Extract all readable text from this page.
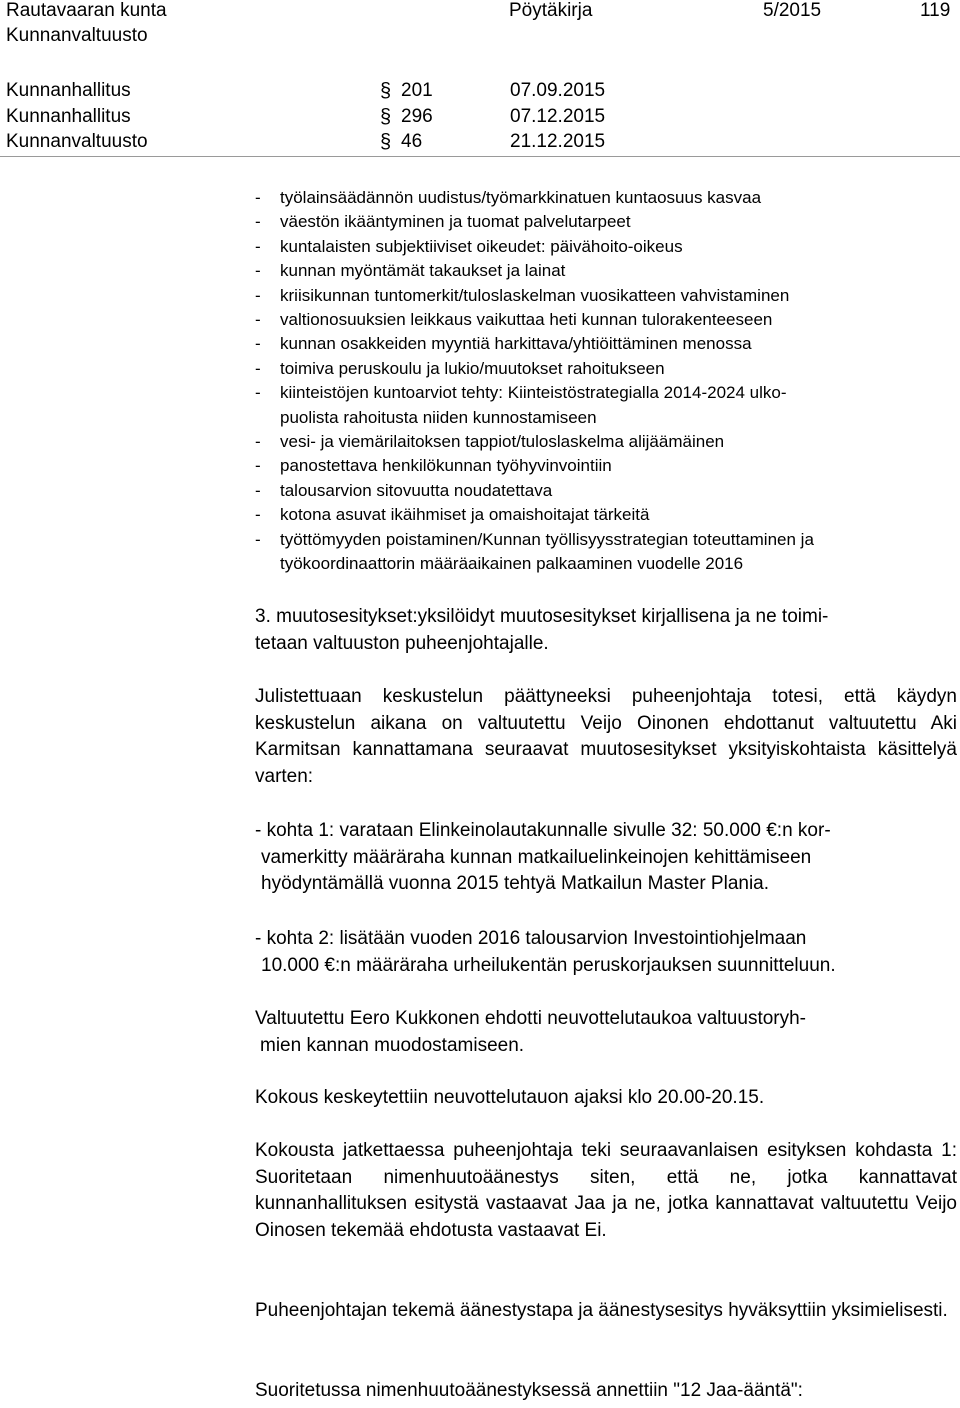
Rautavaaran kunta
Kunnanvaltuusto
Pöytäkirja	5/2015	119
Kunnanhallitus	201	07.09.2015
Kunnanhallitus	§ 296	07.12.2015
Kunnanvaltuusto	§ 46	21.12.2015
§
- työlainsäädännön uudistus/työmarkkinatuen kuntaosuus kasvaa
- väestön ikääntyminen ja tuomat palvelutarpeet
- kuntalaisten subjektiiviset oikeudet: päivähoito-oikeus
- kunnan myöntämät takaukset ja lainat
- kriisikunnan tuntomerkit/tuloslaskelman vuosikatteen vahvistaminen
- valtionosuuksien leikkaus vaikuttaa heti kunnan tulorakenteeseen
- kunnan osakkeiden myyntiä harkittava/yhtiöittäminen menossa
- toimiva peruskoulu ja lukio/muutokset rahoitukseen
- kiinteistöjen kuntoarviot tehty: Kiinteistöstrategialla 2014-2024 ulko-
puolista rahoitusta niiden kunnostamiseen
- vesi- ja viemärilaitoksen tappiot/tuloslaskelma alijäämäinen
- panostettava henkilökunnan työhyvinvointiin
- talousarvion sitovuutta noudatettava
- kotona asuvat ikäihmiset ja omaishoitajat tärkeitä
- työttömyyden poistaminen/Kunnan työllisyysstrategian toteuttaminen ja
työkoordinaattorin määräaikainen palkaaminen vuodelle 2016
3. muutosesitykset:yksilöidyt muutosesitykset kirjallisena ja ne toimi-
tetaan valtuuston puheenjohtajalle.

Julistettuaan keskustelun päättyneeksi puheenjohtaja totesi, että käydyn keskustelun aikana on valtuutettu Veijo Oinonen ehdottanut valtuutettu Aki Karmitsan kannattamana seuraavat muutosesitykset yksityiskohtaista käsittelyä varten:

- kohta 1: varataan Elinkeinolautakunnalle sivulle 32: 50.000 €:n kor-
vamerkitty määräraha kunnan matkailuelinkeinojen kehittämiseen
hyödyntämällä vuonna 2015 tehtyä Matkailun Master Plania.
- kohta 2: lisätään vuoden 2016 talousarvion Investointiohjelmaan
10.000 €:n määräraha urheilukentän peruskorjauksen suunnitteluun.
Valtuutettu Eero Kukkonen ehdotti neuvottelutaukoa valtuustoryh-
mien kannan muodostamiseen.

Kokous keskeytettiin neuvottelutauon ajaksi klo 20.00-20.15.

Kokousta jatkettaessa puheenjohtaja teki seuraavanlaisen esityksen kohdasta 1: Suoritetaan nimenhuutoäänestys siten, että ne, jotka kannattavat kunnanhallituksen esitystä vastaavat Jaa ja ne, jotka kannattavat valtuutettu Veijo Oinosen tekemää ehdotusta vastaavat Ei.

Puheenjohtajan tekemä äänestystapa ja äänestysesitys hyväksyttiin yksimielisesti.

Suoritetussa nimenhuutoäänestyksessä annettiin "12 Jaa-ääntä":
